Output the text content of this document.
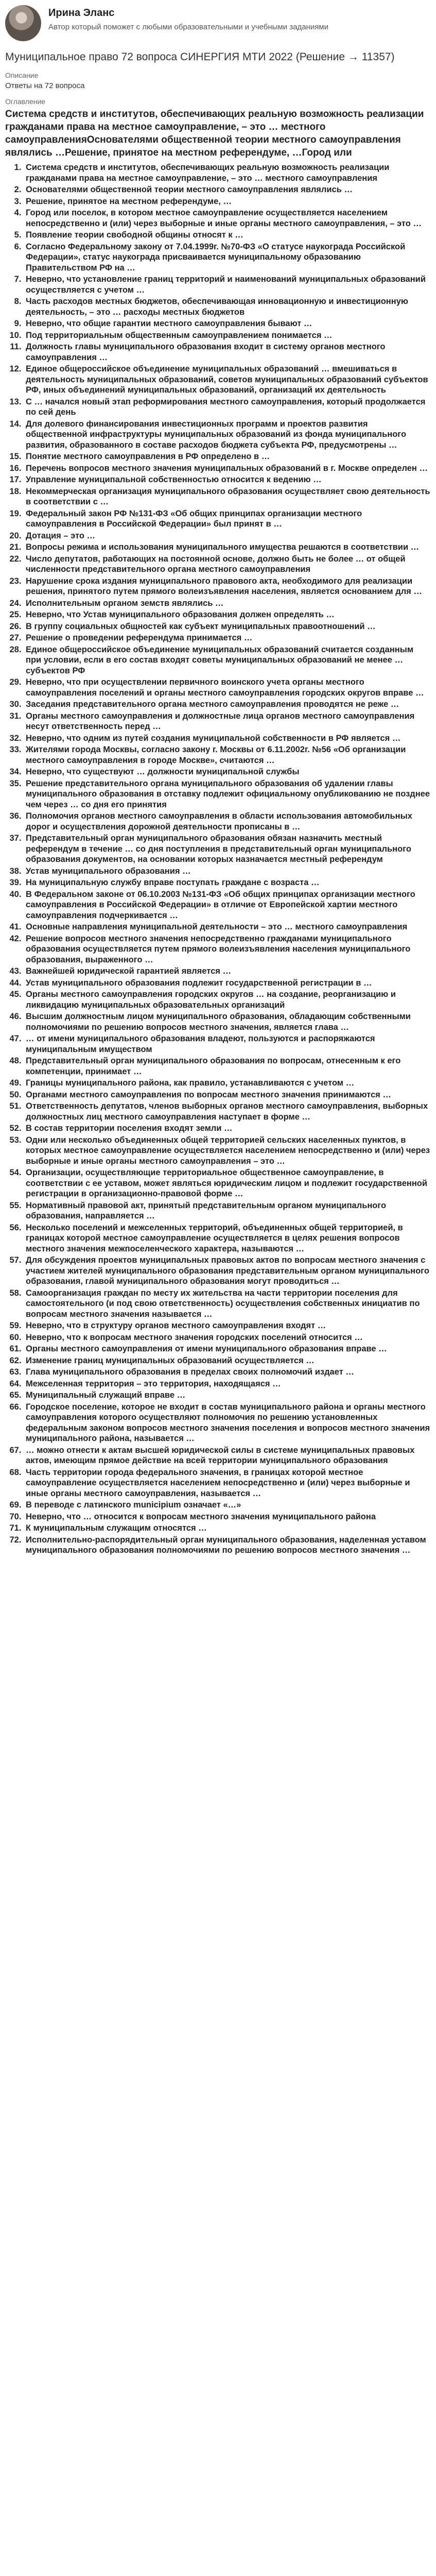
Ирина Эланс
Автор который поможет с любыми образовательными и учебными заданиями
Муниципальное право 72 вопроса СИНЕРГИЯ МТИ 2022 (Решение → 11357)
Описание
Ответы на 72 вопроса
Оглавление
Система средств и институтов, обеспечивающих реальную возможность реализации гражданами права на местное самоуправление, – это … местного самоуправленияОснователями общественной теории местного самоуправления являлись …Решение, принятое на местном референдуме, …Город или
1. Система средств и институтов, обеспечивающих реальную возможность реализации гражданами права на местное самоуправление, – это … местного самоуправления
2. Основателями общественной теории местного самоуправления являлись …
3. Решение, принятое на местном референдуме, …
4. Город или поселок, в котором местное самоуправление осуществляется населением непосредственно и (или) через выборные и иные органы местного самоуправления, – это …
5. Появление теории свободной общины относят к …
6. Согласно Федеральному закону от 7.04.1999г. №70-ФЗ «О статусе наукограда Российской Федерации», статус наукограда присваивается муниципальному образованию Правительством РФ на …
7. Неверно, что установление границ территорий и наименований муниципальных образований осуществляется с учетом …
8. Часть расходов местных бюджетов, обеспечивающая инновационную и инвестиционную деятельность, – это … расходы местных бюджетов
9. Неверно, что общие гарантии местного самоуправления бывают …
10. Под территориальным общественным самоуправлением понимается …
11. Должность главы муниципального образования входит в систему органов местного самоуправления …
12. Единое общероссийское объединение муниципальных образований … вмешиваться в деятельность муниципальных образований, советов муниципальных образований субъектов РФ, иных объединений муниципальных образований, организаций их деятельность
13. С … начался новый этап реформирования местного самоуправления, который продолжается по сей день
14. Для долевого финансирования инвестиционных программ и проектов развития общественной инфраструктуры муниципальных образований из фонда муниципального развития, образованного в составе расходов бюджета субъекта РФ, предусмотрены …
15. Понятие местного самоуправления в РФ определено в …
16. Перечень вопросов местного значения муниципальных образований в г. Москве определен …
17. Управление муниципальной собственностью относится к ведению …
18. Некоммерческая организация муниципального образования осуществляет свою деятельность в соответствии с …
19. Федеральный закон РФ №131-ФЗ «Об общих принципах организации местного самоуправления в Российской Федерации» был принят в …
20. Дотация – это …
21. Вопросы режима и использования муниципального имущества решаются в соответствии …
22. Число депутатов, работающих на постоянной основе, должно быть не более … от общей численности представительного органа местного самоуправления
23. Нарушение срока издания муниципального правового акта, необходимого для реализации решения, принятого путем прямого волеизъявления населения, является основанием для …
24. Исполнительным органом земств являлись …
25. Неверно, что Устав муниципального образования должен определять …
26. В группу социальных общностей как субъект муниципальных правоотношений …
27. Решение о проведении референдума принимается …
28. Единое общероссийское объединение муниципальных образований считается созданным при условии, если в его состав входят советы муниципальных образований не менее … субъектов РФ
29. Неверно, что при осуществлении первичного воинского учета органы местного самоуправления поселений и органы местного самоуправления городских округов вправе …
30. Заседания представительного органа местного самоуправления проводятся не реже …
31. Органы местного самоуправления и должностные лица органов местного самоуправления несут ответственность перед …
32. Неверно, что одним из путей создания муниципальной собственности в РФ является …
33. Жителями города Москвы, согласно закону г. Москвы от 6.11.2002г. №56 «Об организации местного самоуправления в городе Москве», считаются …
34. Неверно, что существуют … должности муниципальной службы
35. Решение представительного органа муниципального образования об удалении главы муниципального образования в отставку подлежит официальному опубликованию не позднее чем через … со дня его принятия
36. Полномочия органов местного самоуправления в области использования автомобильных дорог и осуществления дорожной деятельности прописаны в …
37. Представительный орган муниципального образования обязан назначить местный референдум в течение … со дня поступления в представительный орган муниципального образования документов, на основании которых назначается местный референдум
38. Устав муниципального образования …
39. На муниципальную службу вправе поступать граждане с возраста …
40. В Федеральном законе от 06.10.2003 №131-ФЗ «Об общих принципах организации местного самоуправления в Российской Федерации» в отличие от Европейской хартии местного самоуправления подчеркивается …
41. Основные направления муниципальной деятельности – это … местного самоуправления
42. Решение вопросов местного значения непосредственно гражданами муниципального образования осуществляется путем прямого волеизъявления населения муниципального образования, выраженного …
43. Важнейшей юридической гарантией является …
44. Устав муниципального образования подлежит государственной регистрации в …
45. Органы местного самоуправления городских округов … на создание, реорганизацию и ликвидацию муниципальных образовательных организаций
46. Высшим должностным лицом муниципального образования, обладающим собственными полномочиями по решению вопросов местного значения, является глава …
47. … от имени муниципального образования владеют, пользуются и распоряжаются муниципальным имуществом
48. Представительный орган муниципального образования по вопросам, отнесенным к его компетенции, принимает …
49. Границы муниципального района, как правило, устанавливаются с учетом …
50. Органами местного самоуправления по вопросам местного значения принимаются …
51. Ответственность депутатов, членов выборных органов местного самоуправления, выборных должностных лиц местного самоуправления наступает в форме …
52. В состав территории поселения входят земли …
53. Одни или несколько объединенных общей территорией сельских населенных пунктов, в которых местное самоуправление осуществляется населением непосредственно и (или) через выборные и иные органы местного самоуправления – это …
54. Организации, осуществляющие территориальное общественное самоуправление, в соответствии с ее уставом, может являться юридическим лицом и подлежит государственной регистрации в организационно-правовой форме …
55. Нормативный правовой акт, принятый представительным органом муниципального образования, направляется …
56. Несколько поселений и межселенных территорий, объединенных общей территорией, в границах которой местное самоуправление осуществляется в целях решения вопросов местного значения межпоселенческого характера, называются …
57. Для обсуждения проектов муниципальных правовых актов по вопросам местного значения с участием жителей муниципального образования представительным органом муниципального образования, главой муниципального образования могут проводиться …
58. Самоорганизация граждан по месту их жительства на части территории поселения для самостоятельного (и под свою ответственность) осуществления собственных инициатив по вопросам местного значения называется …
59. Неверно, что в структуру органов местного самоуправления входят …
60. Неверно, что к вопросам местного значения городских поселений относится …
61. Органы местного самоуправления от имени муниципального образования вправе …
62. Изменение границ муниципальных образований осуществляется …
63. Глава муниципального образования в пределах своих полномочий издает …
64. Межселенная территория – это территория, находящаяся …
65. Муниципальный служащий вправе …
66. Городское поселение, которое не входит в состав муниципального района и органы местного самоуправления которого осуществляют полномочия по решению установленных федеральным законом вопросов местного значения поселения и вопросов местного значения муниципального района, называется …
67. … можно отнести к актам высшей юридической силы в системе муниципальных правовых актов, имеющим прямое действие на всей территории муниципального образования
68. Часть территории города федерального значения, в границах которой местное самоуправление осуществляется населением непосредственно и (или) через выборные и иные органы местного самоуправления, называется …
69. В переводе с латинского municipium означает «…»
70. Неверно, что … относится к вопросам местного значения муниципального района
71. К муниципальным служащим относятся …
72. Исполнительно-распорядительный орган муниципального образования, наделенная уставом муниципального образования полномочиями по решению вопросов местного значения …
